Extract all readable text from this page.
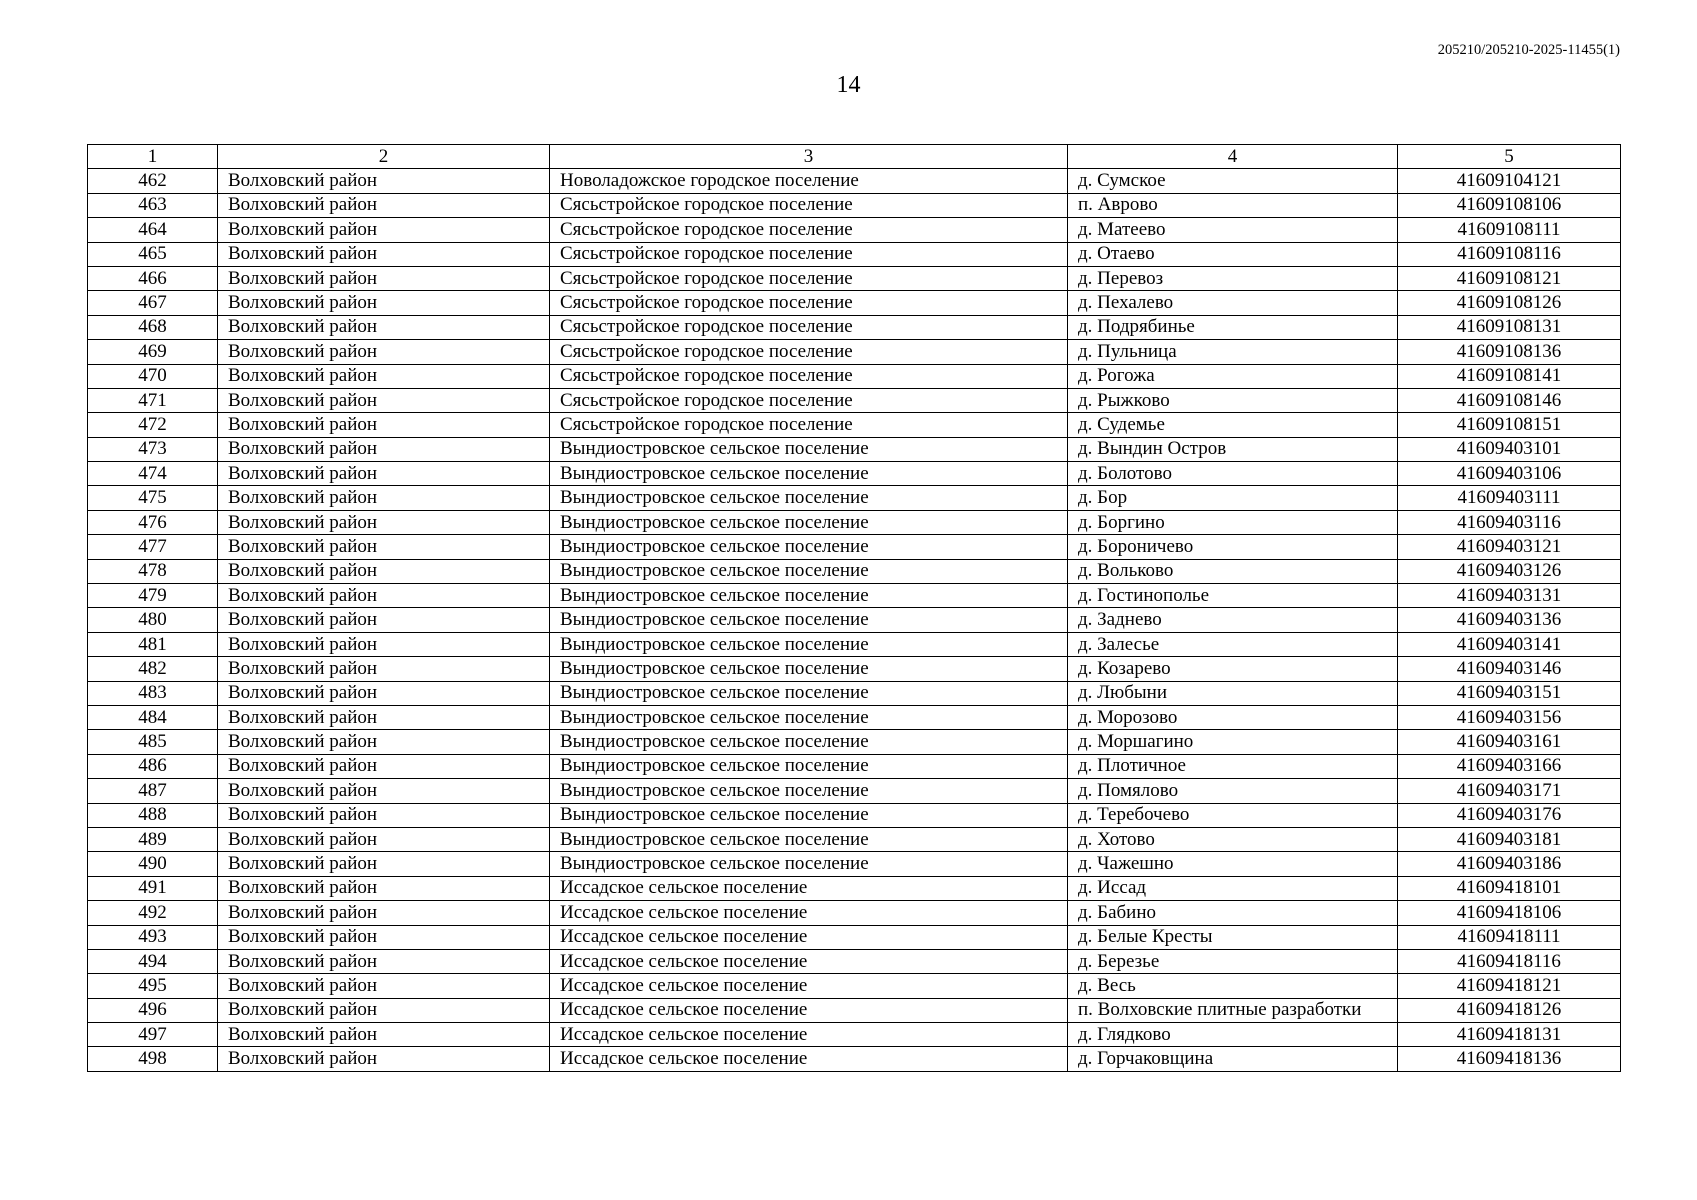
205210/205210-2025-11455(1)
14
1	2	3	4	5
462	Волховский район	Новоладожское городское поселение	д. Сумское	41609104121
463	Волховский район	Сясьстройское городское поселение	п. Аврово	41609108106
464	Волховский район	Сясьстройское городское поселение	д. Матеево	41609108111
465	Волховский район	Сясьстройское городское поселение	д. Отаево	41609108116
466	Волховский район	Сясьстройское городское поселение	д. Перевоз	41609108121
467	Волховский район	Сясьстройское городское поселение	д. Пехалево	41609108126
468	Волховский район	Сясьстройское городское поселение	д. Подрябинье	41609108131
469	Волховский район	Сясьстройское городское поселение	д. Пульница	41609108136
470	Волховский район	Сясьстройское городское поселение	д. Рогожа	41609108141
471	Волховский район	Сясьстройское городское поселение	д. Рыжково	41609108146
472	Волховский район	Сясьстройское городское поселение	д. Судемье	41609108151
473	Волховский район	Вындиостровское сельское поселение	д. Вындин Остров	41609403101
474	Волховский район	Вындиостровское сельское поселение	д. Болотово	41609403106
475	Волховский район	Вындиостровское сельское поселение	д. Бор	41609403111
476	Волховский район	Вындиостровское сельское поселение	д. Боргино	41609403116
477	Волховский район	Вындиостровское сельское поселение	д. Бороничево	41609403121
478	Волховский район	Вындиостровское сельское поселение	д. Вольково	41609403126
479	Волховский район	Вындиостровское сельское поселение	д. Гостинополье	41609403131
480	Волховский район	Вындиостровское сельское поселение	д. Заднево	41609403136
481	Волховский район	Вындиостровское сельское поселение	д. Залесье	41609403141
482	Волховский район	Вындиостровское сельское поселение	д. Козарево	41609403146
483	Волховский район	Вындиостровское сельское поселение	д. Любыни	41609403151
484	Волховский район	Вындиостровское сельское поселение	д. Морозово	41609403156
485	Волховский район	Вындиостровское сельское поселение	д. Моршагино	41609403161
486	Волховский район	Вындиостровское сельское поселение	д. Плотичное	41609403166
487	Волховский район	Вындиостровское сельское поселение	д. Помялово	41609403171
488	Волховский район	Вындиостровское сельское поселение	д. Теребочево	41609403176
489	Волховский район	Вындиостровское сельское поселение	д. Хотово	41609403181
490	Волховский район	Вындиостровское сельское поселение	д. Чажешно	41609403186
491	Волховский район	Иссадское сельское поселение	д. Иссад	41609418101
492	Волховский район	Иссадское сельское поселение	д. Бабино	41609418106
493	Волховский район	Иссадское сельское поселение	д. Белые Кресты	41609418111
494	Волховский район	Иссадское сельское поселение	д. Березье	41609418116
495	Волховский район	Иссадское сельское поселение	д. Весь	41609418121
496	Волховский район	Иссадское сельское поселение	п. Волховские плитные разработки	41609418126
497	Волховский район	Иссадское сельское поселение	д. Глядково	41609418131
498	Волховский район	Иссадское сельское поселение	д. Горчаковщина	41609418136
